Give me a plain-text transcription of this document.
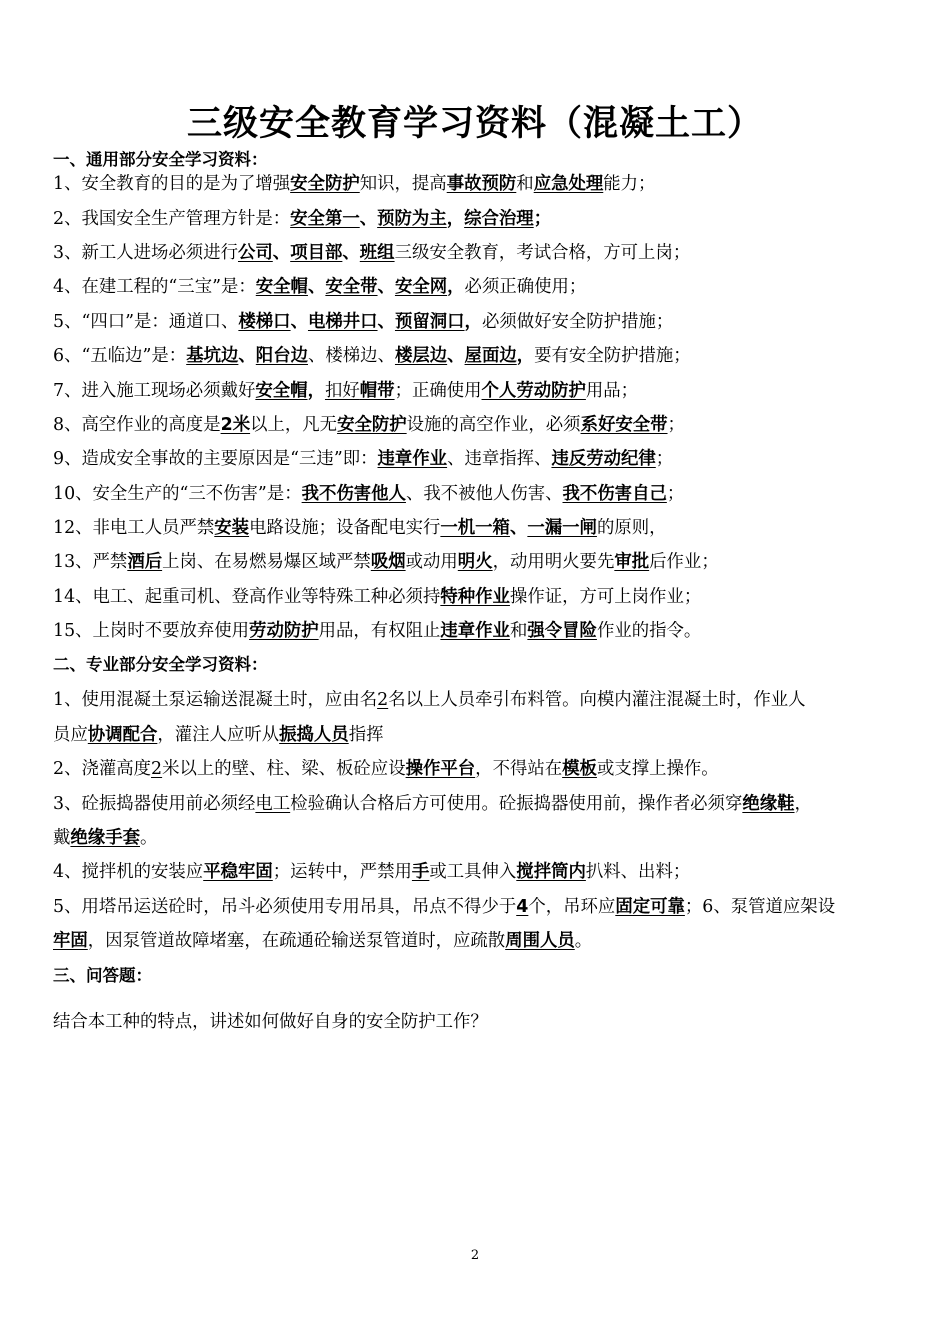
三级安全教育学习资料（混凝土工）
一、通用部分安全学习资料：
1、安全教育的目的是为了增强安全防护知识，提高事故预防和应急处理能力；
2、我国安全生产管理方针是：安全第一、预防为主，综合治理；
3、新工人进场必须进行公司、项目部、班组三级安全教育，考试合格，方可上岗；
4、在建工程的“三宝”是：安全帽、安全带、安全网，必须正确使用；
5、“四口”是：通道口、楼梯口、电梯井口、预留洞口，必须做好安全防护措施；
6、“五临边”是：基坑边、阳台边、楼梯边、楼层边、屋面边，要有安全防护措施；
7、进入施工现场必须戴好安全帽，扣好帽带；正确使用个人劳动防护用品；
8、高空作业的高度是2米以上，凡无安全防护设施的高空作业，必须系好安全带；
9、造成安全事故的主要原因是“三违”即：违章作业、违章指挥、违反劳动纪律；
10、安全生产的“三不伤害”是：我不伤害他人、我不被他人伤害、我不伤害自己；
12、非电工人员严禁安装电路设施；设备配电实行一机一箱、一漏一闸的原则，
13、严禁酒后上岗、在易燃易爆区域严禁吸烟或动用明火，动用明火要先审批后作业；
14、电工、起重司机、登高作业等特殊工种必须持特种作业操作证，方可上岗作业；
15、上岗时不要放弃使用劳动防护用品，有权阻止违章作业和强令冒险作业的指令。
二、专业部分安全学习资料：
1、使用混凝土泵运输送混凝土时，应由名2名以上人员牵引布料管。向模内灌注混凝土时，作业人
员应协调配合，灌注人应听从振捣人员指挥
2、浇灌高度2米以上的壁、柱、梁、板砼应设操作平台，不得站在模板或支撑上操作。
3、砼振捣器使用前必须经电工检验确认合格后方可使用。砼振捣器使用前，操作者必须穿绝缘鞋，
戴绝缘手套。
4、搅拌机的安装应平稳牢固；运转中，严禁用手或工具伸入搅拌筒内扒料、出料；
5、用塔吊运送砼时，吊斗必须使用专用吊具，吊点不得少于4个，吊环应固定可靠；6、泵管道应架设
牢固，因泵管道故障堵塞，在疏通砼输送泵管道时，应疏散周围人员。
三、问答题：
结合本工种的特点，讲述如何做好自身的安全防护工作？
2
